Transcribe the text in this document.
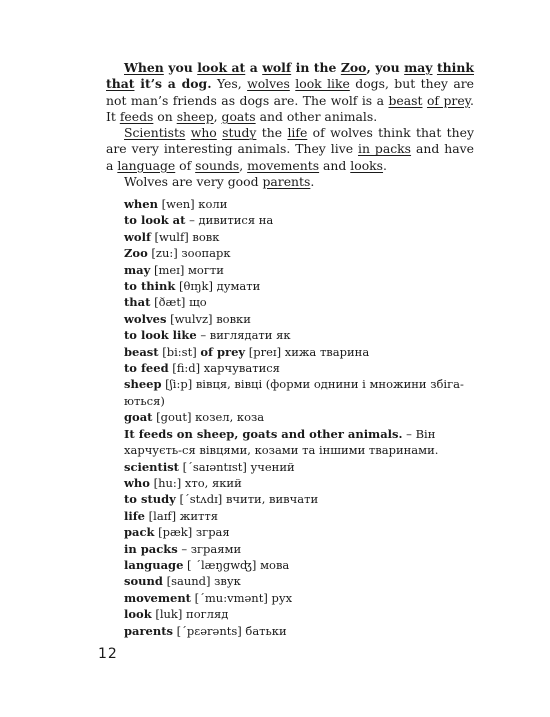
When you look at a wolf in the Zoo, you may think that it’s a dog. Yes, wolves look like dogs, but they are not man’s friends as dogs are. The wolf is a beast of prey. It feeds on sheep, goats and other animals.

Scientists who study the life of wolves think that they are very interesting animals. They live in packs and have a language of sounds, movements and looks.

Wolves are very good parents.

when [wen] коли
to look at – дивитися на
wolf [wulf] вовк
Zoo [zu:] зоопарк
may [meɪ] могти
to think [θɪŋk] думати
that [ðæt] що
wolves [wulvz] вовки
to look like – виглядати як
beast [bi:st] of prey [preɪ] хижа тварина
to feed [fi:d] харчуватися
sheep [ʃi:p] вівця, вівці (форми однини і множини збіга-ються)
goat [gout] козел, коза
It feeds on sheep, goats and other animals. – Він харчуєть-ся вівцями, козами та іншими тваринами.
scientist [΄saɪəntɪst] учений
who [hu:] хто, який
to study [΄stʌdɪ] вчити, вивчати
life [laɪf] життя
pack [pæk] зграя
in packs – зграями
language [ ΄læŋgwʤ] мова
sound [saund] звук
movement [΄mu:vmənt] рух
look [luk] погляд
parents [΄pɛərənts] батьки
12
